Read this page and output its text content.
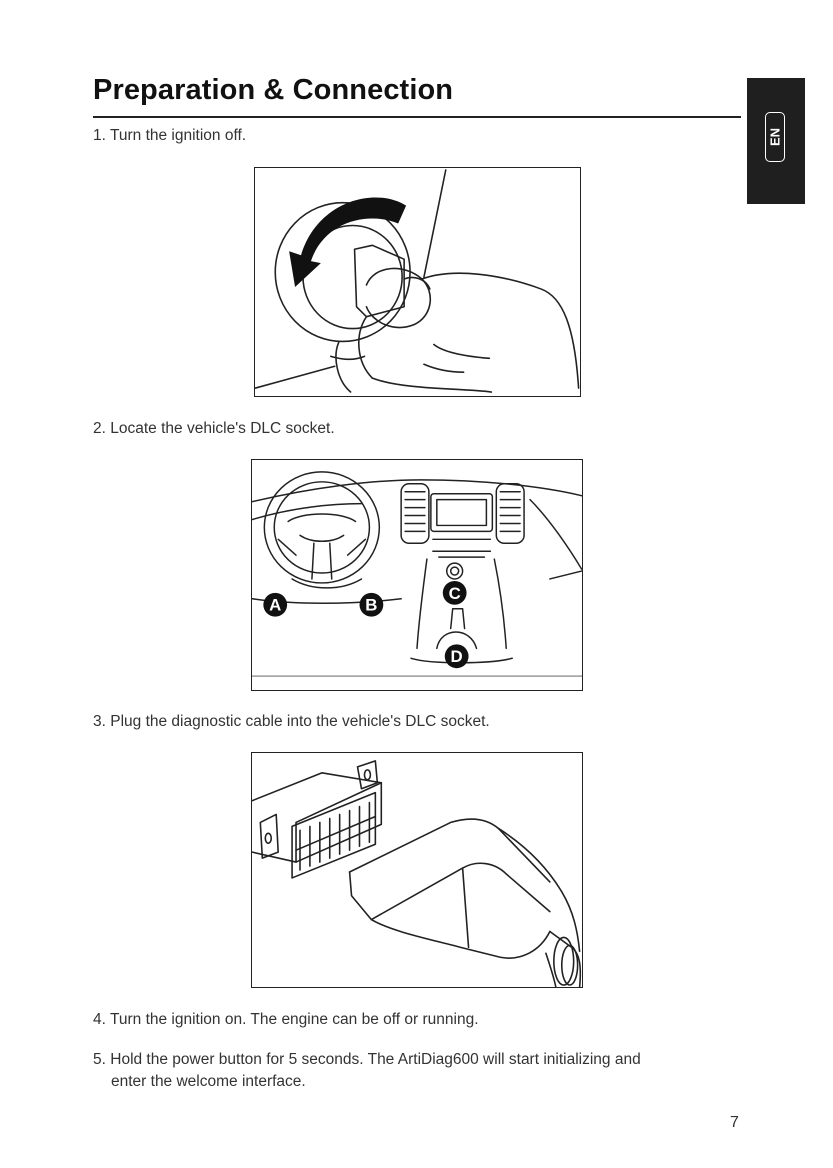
Preparation & Connection
EN

1. Turn the ignition off.

2. Locate the vehicle's DLC socket.

A	B
C
D

3. Plug the diagnostic cable into the vehicle's DLC socket.

4. Turn the ignition on. The engine can be off or running.

5. Hold the power button for 5 seconds. The ArtiDiag600 will start initializing and
enter the welcome interface.

7
